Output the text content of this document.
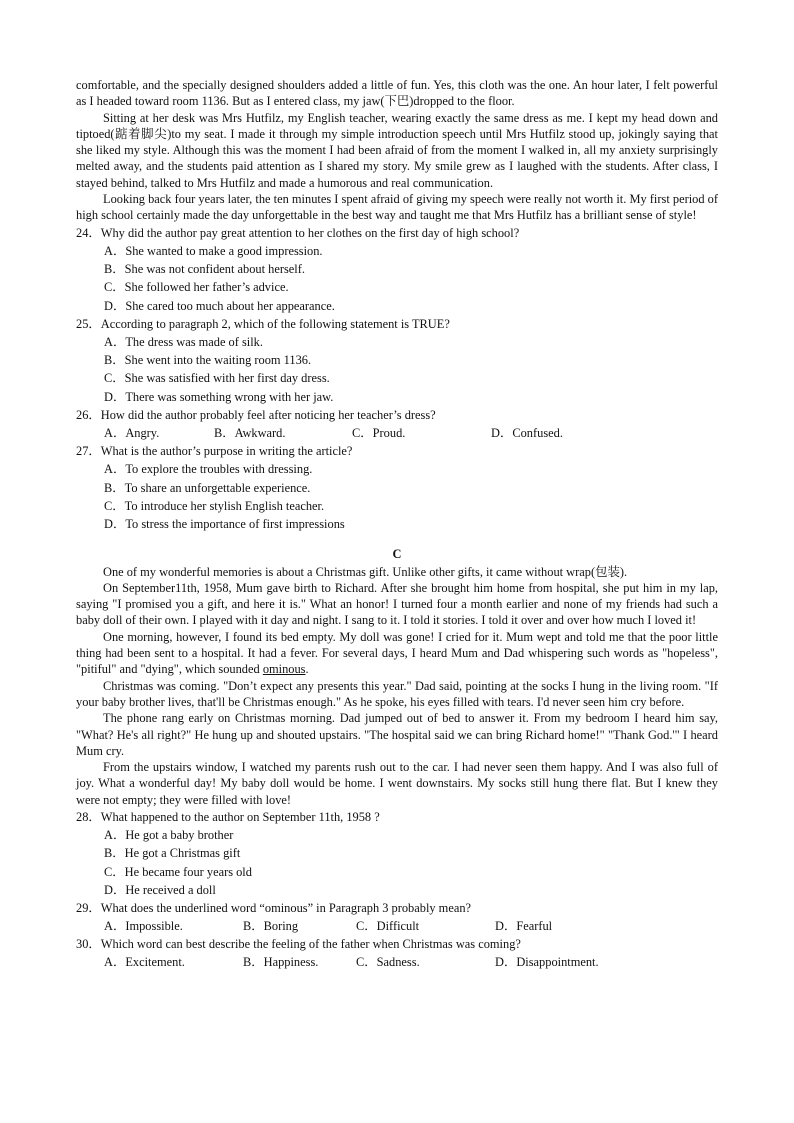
comfortable, and the specially designed shoulders added a little of fun. Yes, this cloth was the one. An hour later, I felt powerful as I headed toward room 1136. But as I entered class, my jaw(下巴)dropped to the floor.

Sitting at her desk was Mrs Hutfilz, my English teacher, wearing exactly the same dress as me. I kept my head down and tiptoed(踮着脚尖)to my seat. I made it through my simple introduction speech until Mrs Hutfilz stood up, jokingly saying that she liked my style. Although this was the moment I had been afraid of from the moment I walked in, all my anxiety surprisingly melted away, and the students paid attention as I shared my story. My smile grew as I laughed with the students. After class, I stayed behind, talked to Mrs Hutfilz and made a humorous and real communication.

Looking back four years later, the ten minutes I spent afraid of giving my speech were really not worth it. My first period of high school certainly made the day unforgettable in the best way and taught me that Mrs Hutfilz has a brilliant sense of style!

24．Why did the author pay great attention to her clothes on the first day of high school?
A．She wanted to make a good impression.
B．She was not confident about herself.
C．She followed her father’s advice.
D．She cared too much about her appearance.
25．According to paragraph 2, which of the following statement is TRUE?
A．The dress was made of silk.
B．She went into the waiting room 1136.
C．She was satisfied with her first day dress.
D．There was something wrong with her jaw.
26．How did the author probably feel after noticing her teacher’s dress?
A．Angry.	B．Awkward.	C．Proud.	D．Confused.
27．What is the author’s purpose in writing the article?
A．To explore the troubles with dressing.
B．To share an unforgettable experience.
C．To introduce her stylish English teacher.
D．To stress the importance of first impressions
C

One of my wonderful memories is about a Christmas gift. Unlike other gifts, it came without wrap(包装).

On September11th, 1958, Mum gave birth to Richard. After she brought him home from hospital, she put him in my lap, saying "I promised you a gift, and here it is." What an honor! I turned four a month earlier and none of my friends had such a baby doll of their own. I played with it day and night. I sang to it. I told it stories. I told it over and over how much I loved it!

One morning, however, I found its bed empty. My doll was gone! I cried for it. Mum wept and told me that the poor little thing had been sent to a hospital. It had a fever. For several days, I heard Mum and Dad whispering such words as "hopeless", "pitiful" and "dying", which sounded ominous.

Christmas was coming. "Don’t expect any presents this year." Dad said, pointing at the socks I hung in the living room. "If your baby brother lives, that'll be Christmas enough." As he spoke, his eyes filled with tears. I'd never seen him cry before.

The phone rang early on Christmas morning. Dad jumped out of bed to answer it. From my bedroom I heard him say, "What? He's all right?" He hung up and shouted upstairs. "The hospital said we can bring Richard home!" "Thank God.'" I heard Mum cry.

From the upstairs window, I watched my parents rush out to the car. I had never seen them happy. And I was also full of joy. What a wonderful day! My baby doll would be home. I went downstairs. My socks still hung there flat. But I knew they were not empty; they were filled with love!

28．What happened to the author on September 11th, 1958 ?
A．He got a baby brother
B．He got a Christmas gift
C．He became four years old
D．He received a doll
29．What does the underlined word “ominous” in Paragraph 3 probably mean?
A．Impossible.	B．Boring	C．Difficult	D．Fearful
30．Which word can best describe the feeling of the father when Christmas was coming?
A．Excitement.	B．Happiness.	C．Sadness.	D．Disappointment.
